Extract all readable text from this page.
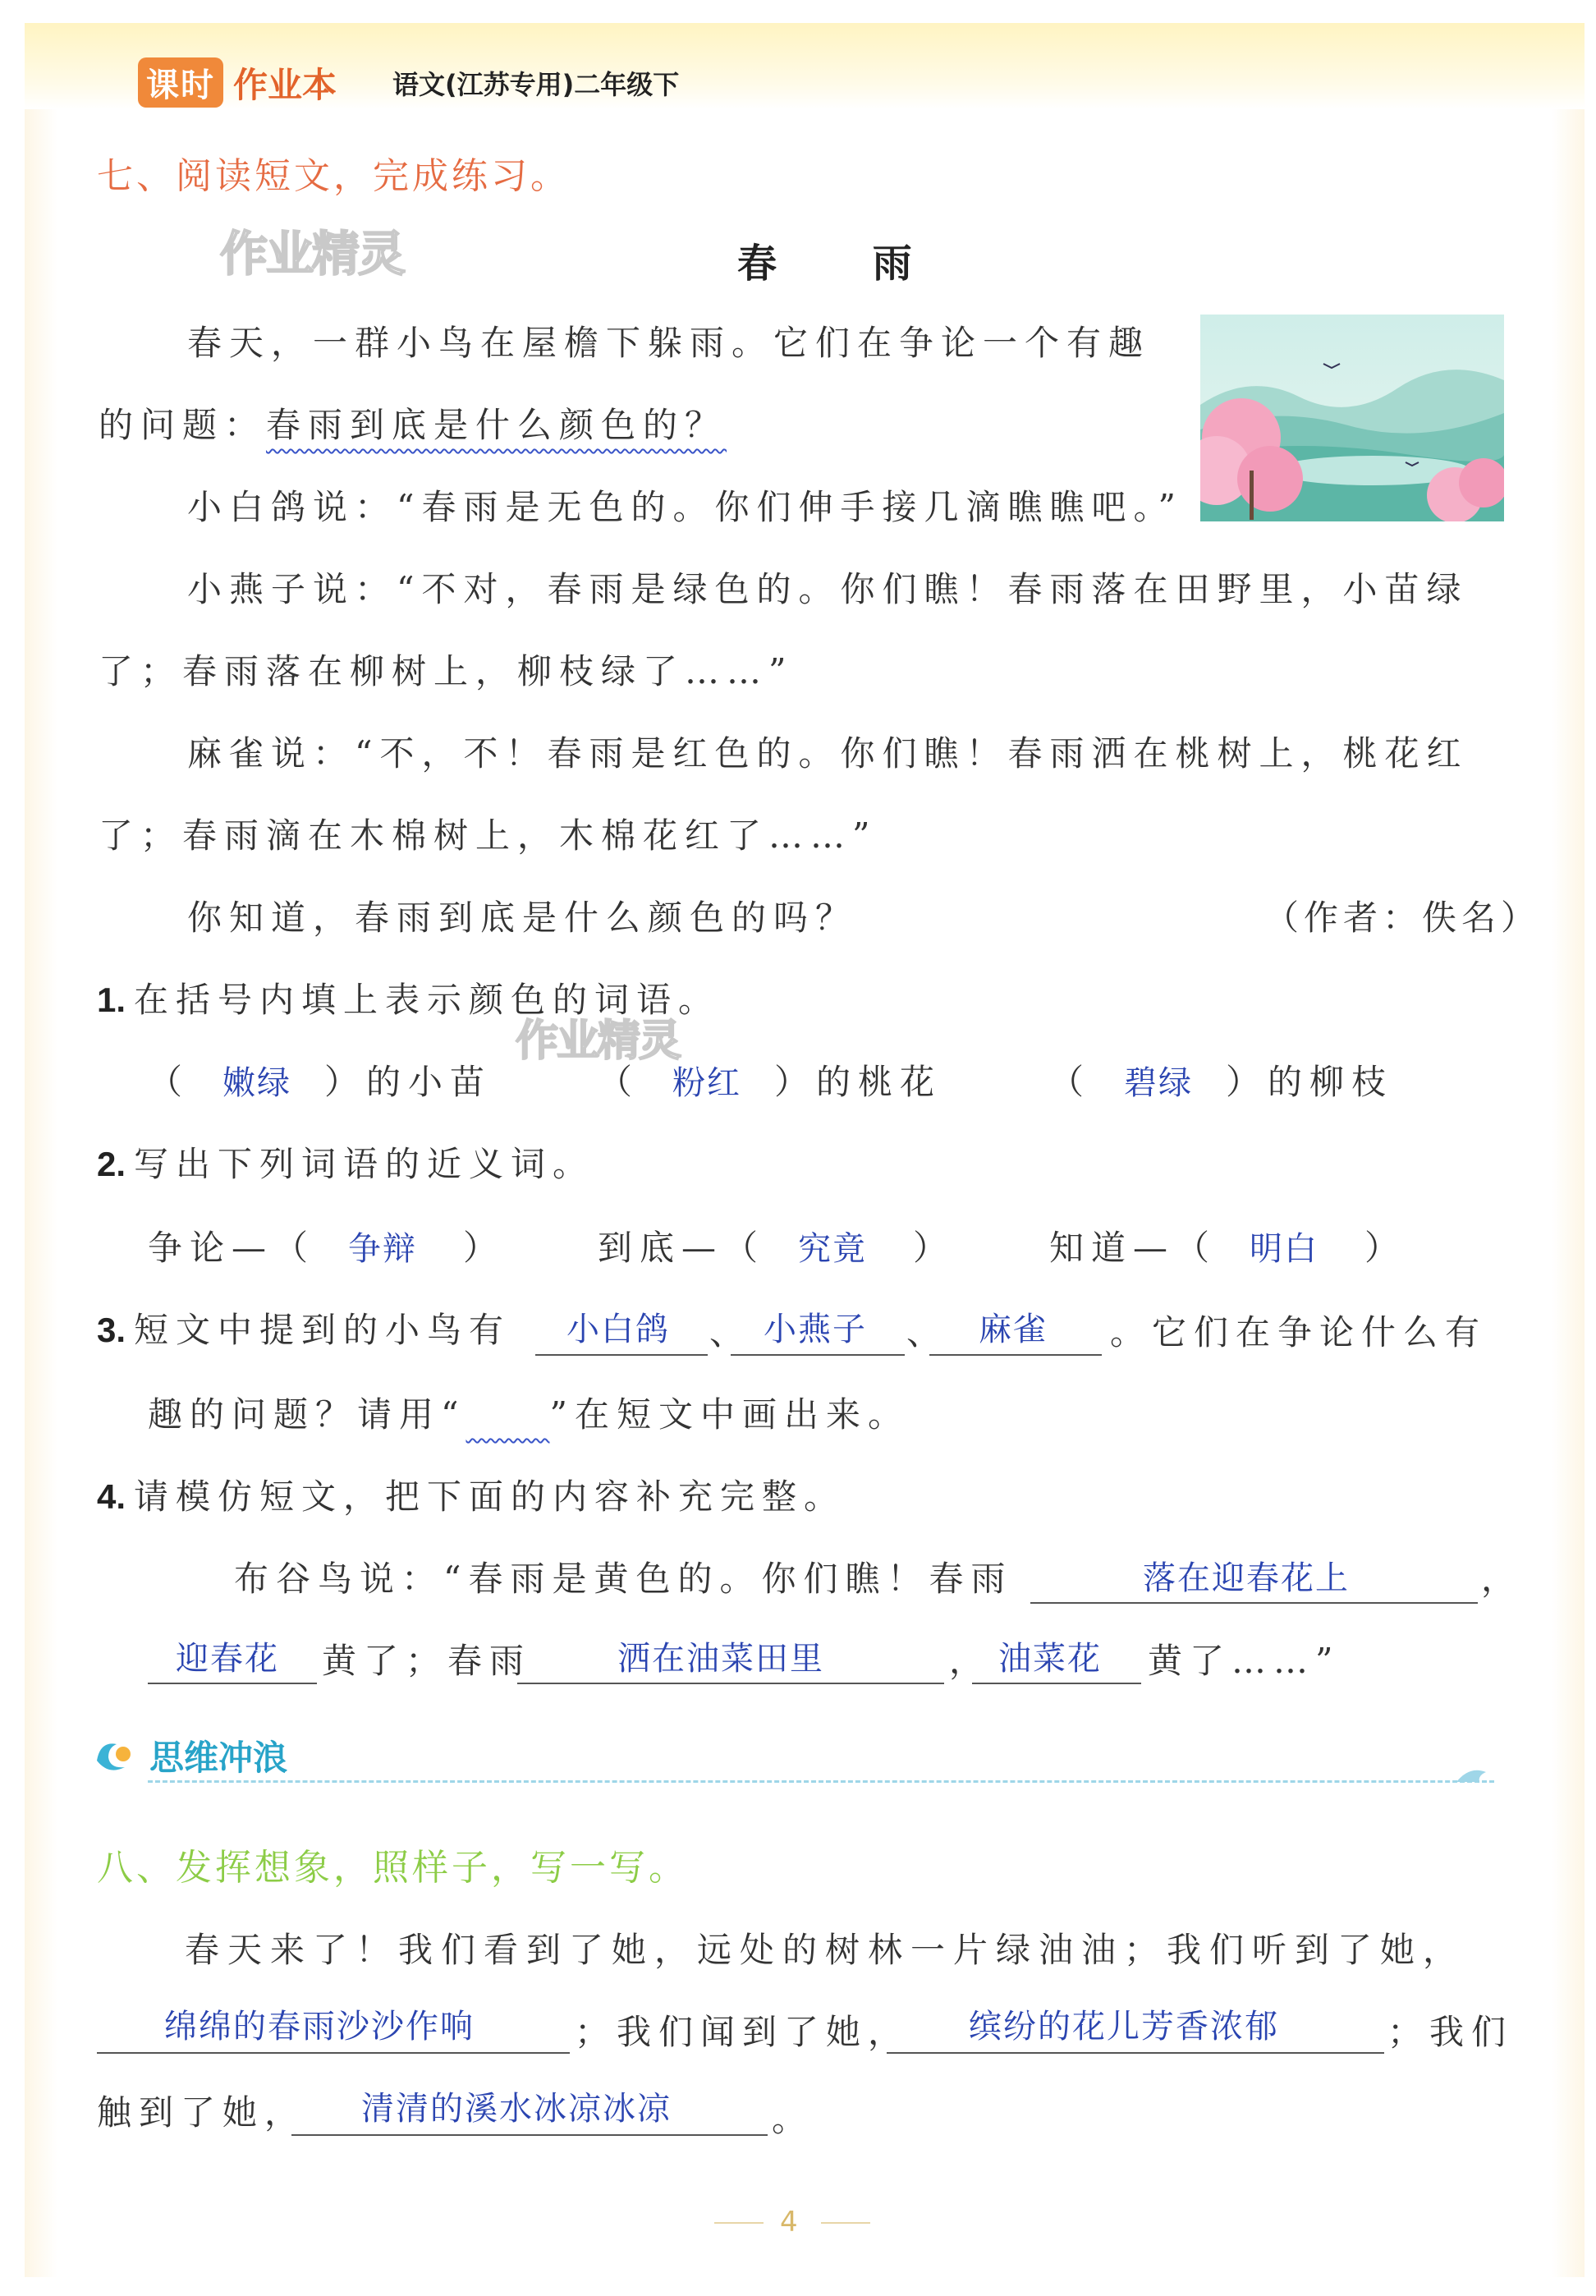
课时 作业本 语文(江苏专用)二年级下
七、阅读短文，完成练习。
作业精灵	春 雨
春天，一群小鸟在屋檐下躲雨。它们在争论一个有趣
的问题：春雨到底是什么颜色的？
小白鸽说：“春雨是无色的。你们伸手接几滴瞧瞧吧。”
小燕子说：“不对，春雨是绿色的。你们瞧！春雨落在田野里，小苗绿
了；春雨落在柳树上，柳枝绿了……”
麻雀说：“不，不！春雨是红色的。你们瞧！春雨洒在桃树上，桃花红
了；春雨滴在木棉树上，木棉花红了……”
你知道，春雨到底是什么颜色的吗？	（作者：佚名）
1. 在括号内填上表示颜色的词语。
作业精灵
（ 嫩绿 ）的小苗	（ 粉红 ）的桃花	（ 碧绿 ）的柳枝
2. 写出下列词语的近义词。
争论—（ 争辩 ）	到底—（ 究竟 ）	知道—（ 明白 ）
3. 短文中提到的小鸟有 小白鸽 、 小燕子 、 麻雀 。它们在争论什么有
趣的问题？请用“　　 ”在短文中画出来。
4. 请模仿短文，把下面的内容补充完整。
布谷鸟说：“春雨是黄色的。你们瞧！春雨	落在迎春花上	，
迎春花 黄了；春雨	洒在油菜田里	， 油菜花 黄了……”
思维冲浪
八、发挥想象，照样子，写一写。
春天来了！我们看到了她，远处的树林一片绿油油；我们听到了她，
绵绵的春雨沙沙作响	；我们闻到了她， 缤纷的花儿芳香浓郁	；我们
触到了她， 清清的溪水冰凉冰凉	。
4
